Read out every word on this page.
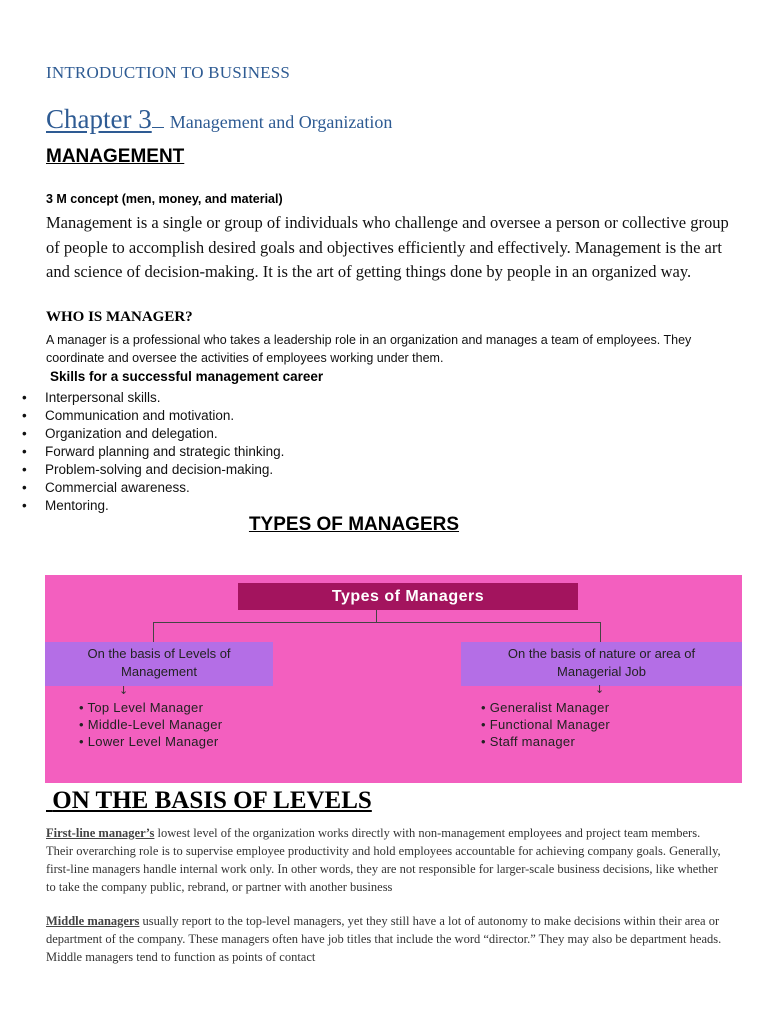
INTRODUCTION TO BUSINESS
Chapter 3 Management and Organization
MANAGEMENT
3 M concept (men, money, and material)
Management is a single or group of individuals who challenge and oversee a person or collective group of people to accomplish desired goals and objectives efficiently and effectively. Management is the art and science of decision-making. It is the art of getting things done by people in an organized way.
WHO IS MANAGER?
A manager is a professional who takes a leadership role in an organization and manages a team of employees. They coordinate and oversee the activities of employees working under them.
Skills for a successful management career
• Interpersonal skills.
• Communication and motivation.
• Organization and delegation.
• Forward planning and strategic thinking.
• Problem-solving and decision-making.
• Commercial awareness.
• Mentoring.
TYPES OF MANAGERS
Types of Managers
On the basis of Levels of Management
On the basis of nature or area of Managerial Job
↓	↓
• Top Level Manager
• Middle-Level Manager
• Lower Level Manager
• Generalist Manager
• Functional Manager
• Staff manager
ON THE BASIS OF LEVELS
First-line manager’s lowest level of the organization works directly with non-management employees and project team members. Their overarching role is to supervise employee productivity and hold employees accountable for achieving company goals. Generally, first-line managers handle internal work only. In other words, they are not responsible for larger-scale business decisions, like whether to take the company public, rebrand, or partner with another business
Middle managers usually report to the top-level managers, yet they still have a lot of autonomy to make decisions within their area or department of the company. These managers often have job titles that include the word “director.” They may also be department heads. Middle managers tend to function as points of contact
